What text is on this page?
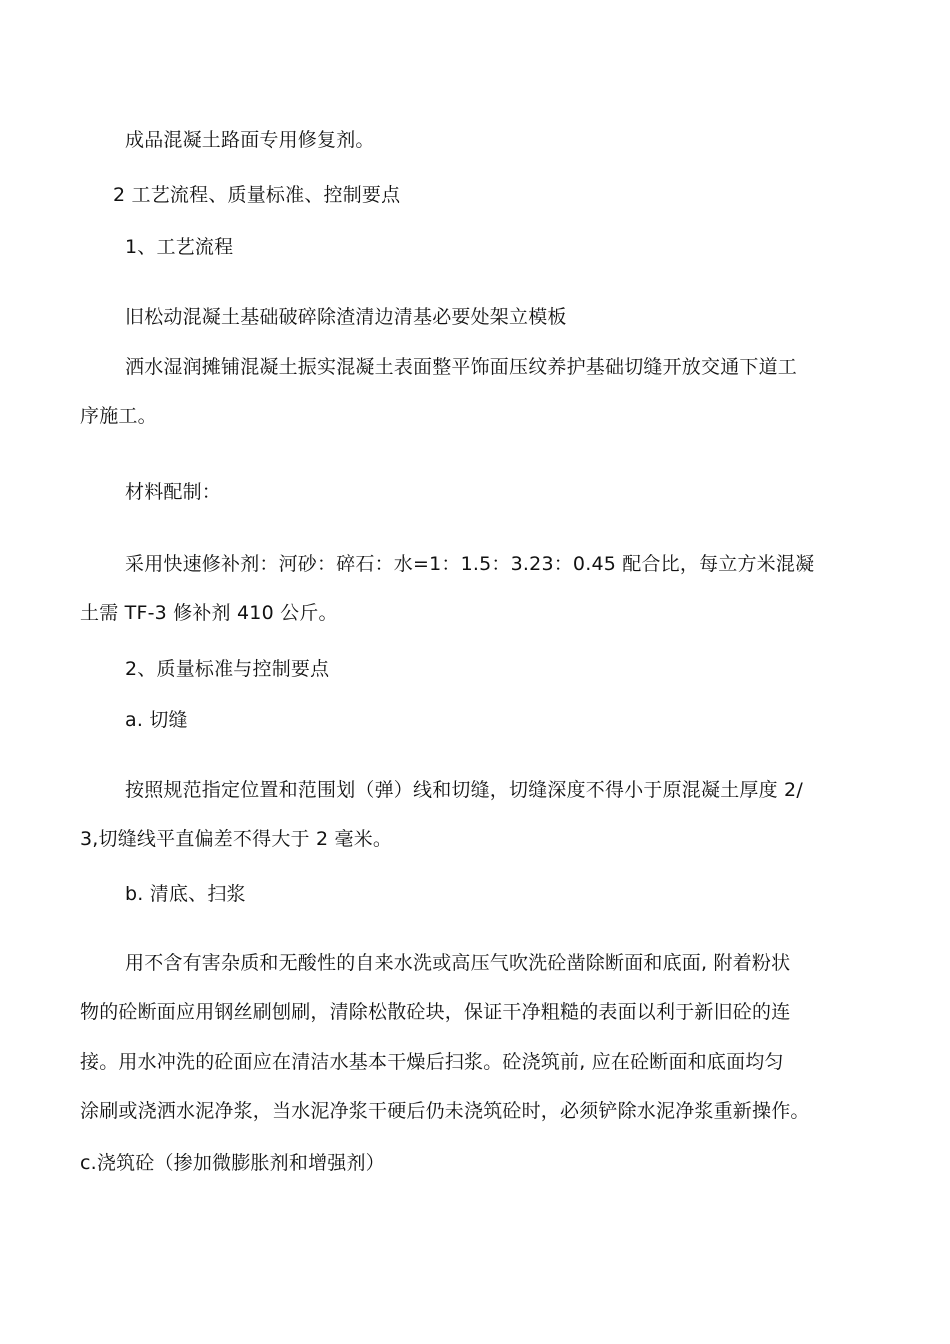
成品混凝土路面专用修复剂。
2 工艺流程、质量标准、控制要点
1、工艺流程
旧松动混凝土基础破碎除渣清边清基必要处架立模板
洒水湿润摊铺混凝土振实混凝土表面整平饰面压纹养护基础切缝开放交通下道工
序施工。
材料配制：
采用快速修补剂：河砂：碎石：水=1：1.5：3.23：0.45 配合比，每立方米混凝
土需 TF-3 修补剂 410 公斤。
2、质量标准与控制要点
a. 切缝
按照规范指定位置和范围划（弹）线和切缝，切缝深度不得小于原混凝土厚度 2/
3,切缝线平直偏差不得大于 2 毫米。
b. 清底、扫浆
用不含有害杂质和无酸性的自来水洗或高压气吹洗砼凿除断面和底面, 附着粉状
物的砼断面应用钢丝刷刨刷，清除松散砼块，保证干净粗糙的表面以利于新旧砼的连
接。用水冲洗的砼面应在清洁水基本干燥后扫浆。砼浇筑前, 应在砼断面和底面均匀
涂刷或浇洒水泥净浆，当水泥净浆干硬后仍未浇筑砼时，必须铲除水泥净浆重新操作。
c.浇筑砼（掺加微膨胀剂和增强剂）
